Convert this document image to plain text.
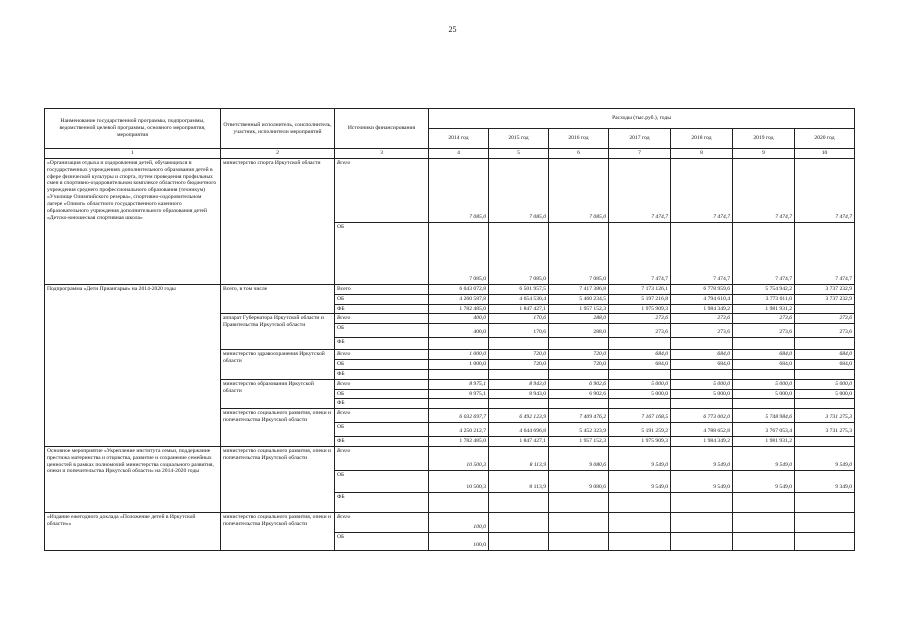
25
Наименование государственной программы, подпрограммы, ведомственной целевой программы, основного мероприятия, мероприятия	Ответственный исполнитель, соисполнитель, участник, исполнители мероприятий	Источники финансирования	Расходы (тыс.руб.), годы						
			2014 год	2015 год	2016 год	2017 год	2018 год	2019 год	2020 год
1	2	3	4	5	6	7	8	9	10
«Организация отдыха и оздоровления детей, обучающихся в государственных учреждениях дополнительного образования детей в сфере физической культуры и спорта, путем проведения профильных смен в спортивно-оздоровительном комплексе областного бюджетного учреждения среднего профессионального образования (техникум) «Училище Олимпийского резерва», спортивно-оздоровительном лагере «Олимп» областного государственного казенного образовательного учреждения дополнительного образования детей «Детско-юношеская спортивная школа»	министерство спорта Иркутской области	Всего	7 085,0	7 085,0	7 085,0	7 474,7	7 474,7	7 474,7	7 474,7
		ОБ	7 085,0	7 085,0	7 085,0	7 474,7	7 474,7	7 474,7	7 474,7
Подпрограмма «Дети Приангарья» на 2014-2020 годы	Всего, в том числе	Всего	6 043 072,8	6 501 957,5	7 417 386,8	7 173 126,1	6 778 959,6	5 754 942,2	3 737 232,9
		ОБ	4 260 587,8	4 654 530,4	5 460 234,5	5 197 216,8	4 794 610,4	3 773 011,0	3 737 232,9
		ФБ	1 782 485,0	1 847 427,1	1 957 152,3	1 975 909,3	1 984 349,2	1 981 931,2	
	аппарат Губернатора Иркутской области и Правительства Иркутской области	Всего	400,0	170,6	288,0	273,6	273,6	273,6	273,6
		ОБ	400,0	170,6	288,0	273,6	273,6	273,6	273,6
		ФБ							
	министерство здравоохранения Иркутской области	Всего	1 000,0	720,0	720,0	684,0	684,0	684,0	684,0
		ОБ	1 000,0	720,0	720,0	684,0	684,0	684,0	684,0
		ФБ							
	министерство образования Иркутской области	Всего	8 975,1	8 943,0	6 902,6	5 000,0	5 000,0	5 000,0	5 000,0
		ОБ	8 975,1	8 943,0	6 902,6	5 000,0	5 000,0	5 000,0	5 000,0
		ФБ							
	министерство социального развития, опеки и попечительства Иркутской области	Всего	6 032 697,7	6 492 123,9	7 409 476,2	7 167 168,5	6 773 002,0	5 748 984,6	3 731 275,3
		ОБ	4 250 212,7	4 644 696,8	5 452 323,9	5 191 259,2	4 788 652,8	3 767 053,4	3 731 275,3
		ФБ	1 782 485,0	1 847 427,1	1 957 152,3	1 975 909,3	1 984 349,2	1 981 931,2	
Основное мероприятие «Укрепление института семьи, поддержание престижа материнства и отцовства, развитие и сохранение семейных ценностей в рамках полномочий министерства социального развития, опеки и попечительства Иркутской области» на 2014-2020 годы	министерство социального развития, опеки и попечительства Иркутской области	Всего	10 500,3	8 113,9	9 080,6	9 549,0	9 549,0	9 549,0	9 549,0
		ОБ	10 500,3	8 113,9	9 080,6	9 549,0	9 549,0	9 549,0	9 349,0
		ФБ							
«Издание ежегодного доклада «Положение детей в Иркутской области»»	министерство социального развития, опеки и попечительства Иркутской области	Всего	100,0						
		ОБ	100,0						
